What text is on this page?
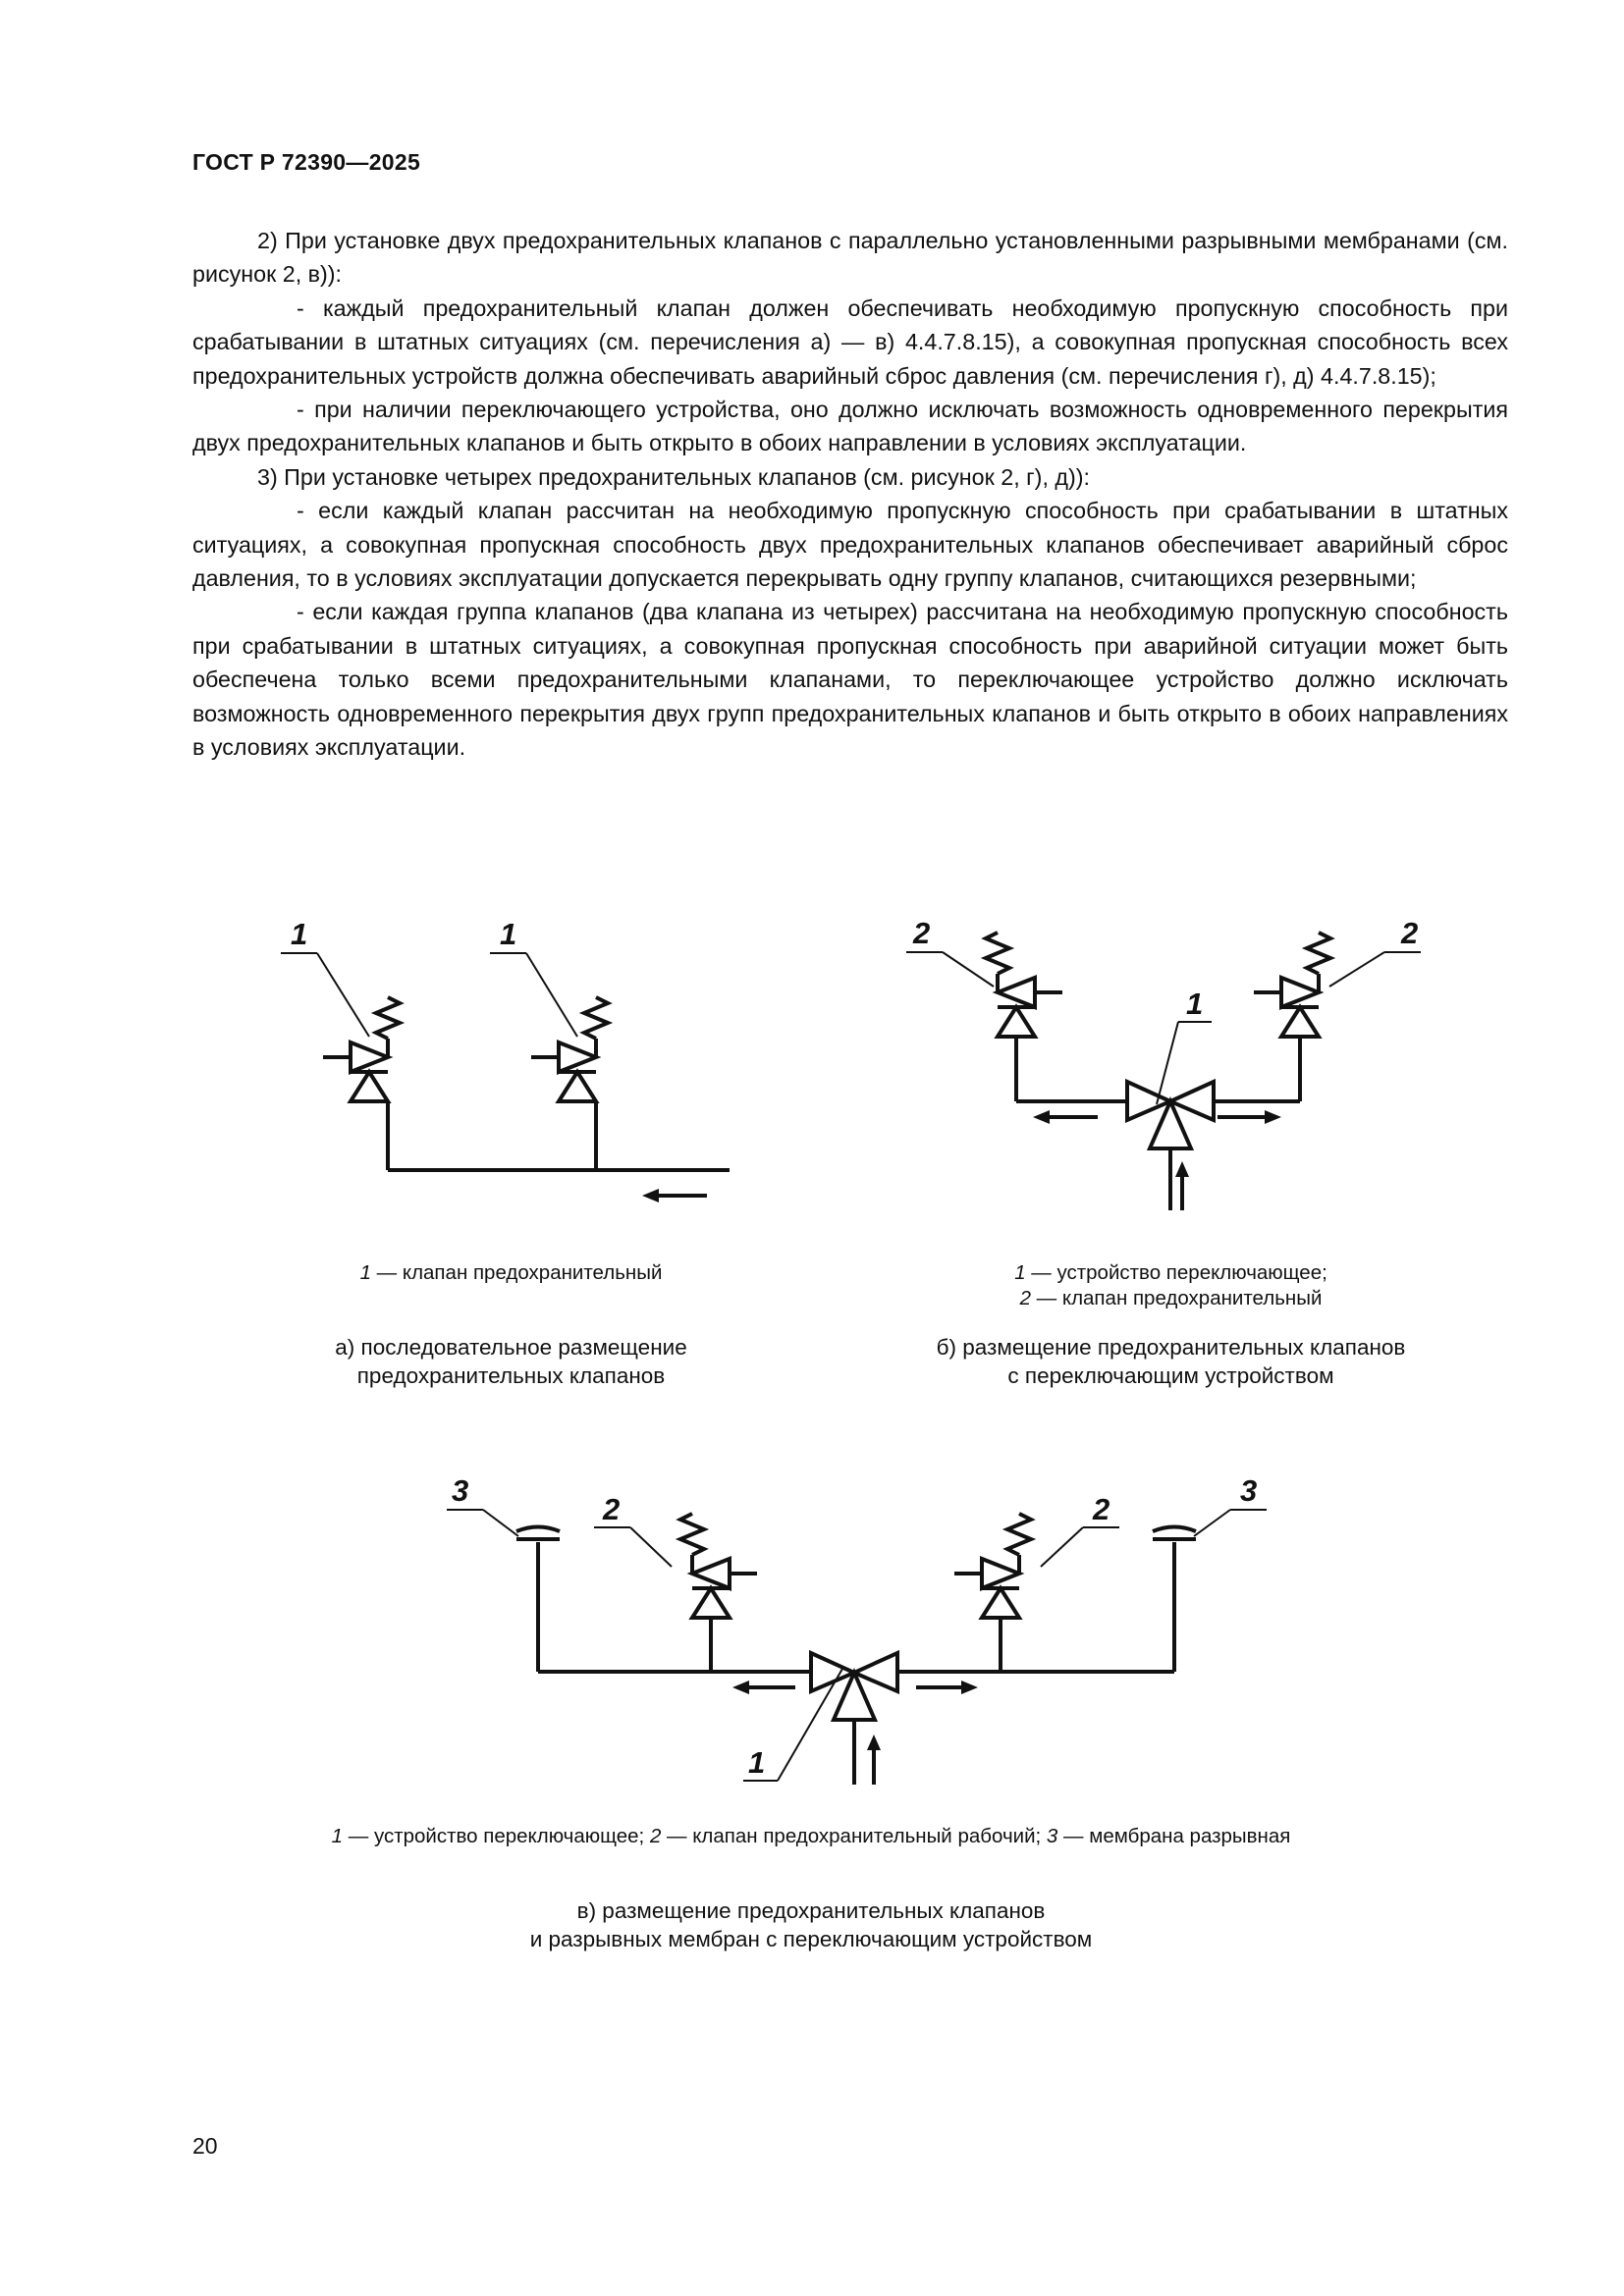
ГОСТ Р 72390—2025

2) При установке двух предохранительных клапанов с параллельно установленными разрывными мембранами (см. рисунок 2, в)):

- каждый предохранительный клапан должен обеспечивать необходимую пропускную способность при срабатывании в штатных ситуациях (см. перечисления а) — в) 4.4.7.8.15), а совокупная пропускная способность всех предохранительных устройств должна обеспечивать аварийный сброс давления (см. перечисления г), д) 4.4.7.8.15);

- при наличии переключающего устройства, оно должно исключать возможность одновременного перекрытия двух предохранительных клапанов и быть открыто в обоих направлении в условиях эксплуатации.

3) При установке четырех предохранительных клапанов (см. рисунок 2, г), д)):

- если каждый клапан рассчитан на необходимую пропускную способность при срабатывании в штатных ситуациях, а совокупная пропускная способность двух предохранительных клапанов обеспечивает аварийный сброс давления, то в условиях эксплуатации допускается перекрывать одну группу клапанов, считающихся резервными;

- если каждая группа клапанов (два клапана из четырех) рассчитана на необходимую пропускную способность при срабатывании в штатных ситуациях, а совокупная пропускная способность при аварийной ситуации может быть обеспечена только всеми предохранительными клапанами, то переключающее устройство должно исключать возможность одновременного перекрытия двух групп предохранительных клапанов и быть открыто в обоих направлениях в условиях эксплуатации.

1	1	2
1
2
3
2	2
3
1
1 — клапан предохранительный
а) последовательное размещение
предохранительных клапанов
1 — устройство переключающее;
2 — клапан предохранительный
б) размещение предохранительных клапанов
с переключающим устройством
1 — устройство переключающее; 2 — клапан предохранительный рабочий; 3 — мембрана разрывная
в) размещение предохранительных клапанов
и разрывных мембран с переключающим устройством
20
